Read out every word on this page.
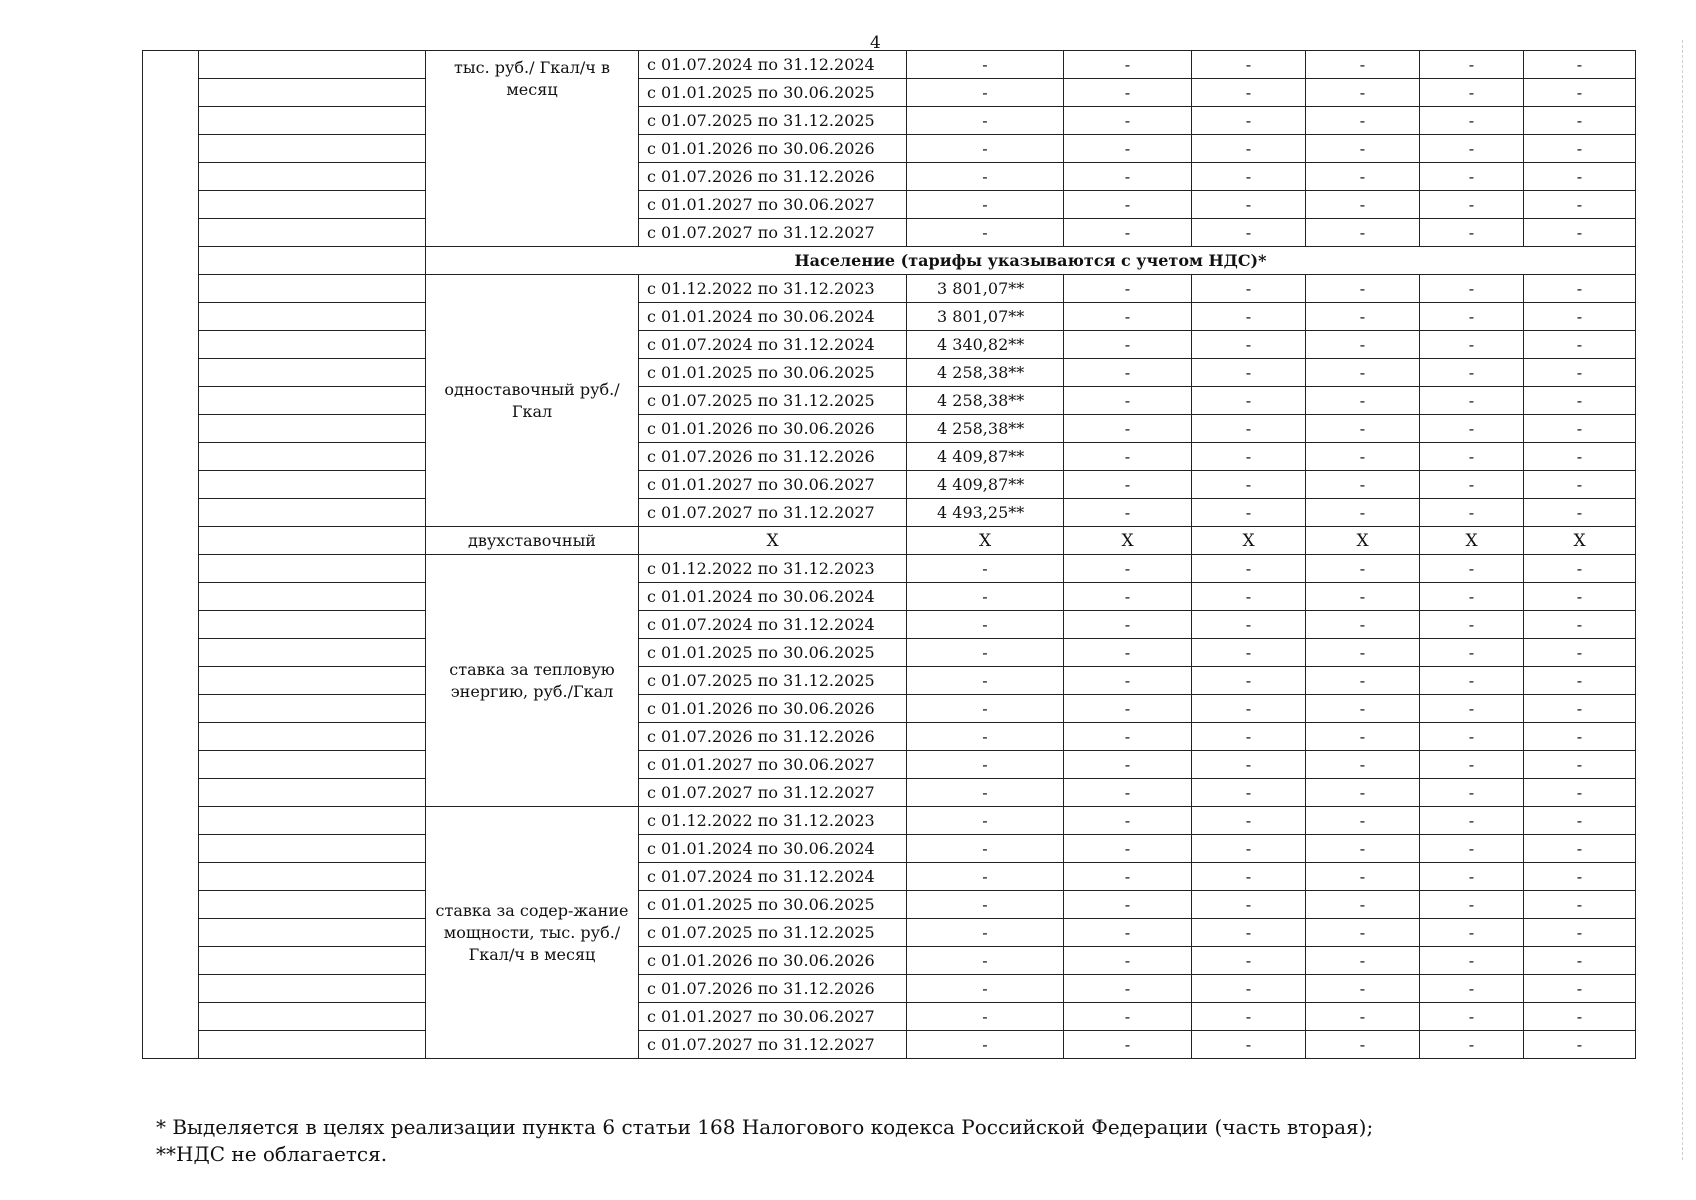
4
		тыс. руб./ Гкал/ч в месяц	с 01.07.2024 по 31.12.2024	-	-	-	-	-	-
			с 01.01.2025 по 30.06.2025	-	-	-	-	-	-
			с 01.07.2025 по 31.12.2025	-	-	-	-	-	-
			с 01.01.2026 по 30.06.2026	-	-	-	-	-	-
			с 01.07.2026 по 31.12.2026	-	-	-	-	-	-
			с 01.01.2027 по 30.06.2027	-	-	-	-	-	-
			с 01.07.2027 по 31.12.2027	-	-	-	-	-	-
		Население (тарифы указываются с учетом НДС)*							
		одноставочный руб./Гкал	с 01.12.2022 по 31.12.2023	3 801,07**	-	-	-	-	-
			с 01.01.2024 по 30.06.2024	3 801,07**	-	-	-	-	-
			с 01.07.2024 по 31.12.2024	4 340,82**	-	-	-	-	-
			с 01.01.2025 по 30.06.2025	4 258,38**	-	-	-	-	-
			с 01.07.2025 по 31.12.2025	4 258,38**	-	-	-	-	-
			с 01.01.2026 по 30.06.2026	4 258,38**	-	-	-	-	-
			с 01.07.2026 по 31.12.2026	4 409,87**	-	-	-	-	-
			с 01.01.2027 по 30.06.2027	4 409,87**	-	-	-	-	-
			с 01.07.2027 по 31.12.2027	4 493,25**	-	-	-	-	-
		двухставочный	X	X	X	X	X	X	X
		ставка за тепловую энергию, руб./Гкал	с 01.12.2022 по 31.12.2023	-	-	-	-	-	-
			с 01.01.2024 по 30.06.2024	-	-	-	-	-	-
			с 01.07.2024 по 31.12.2024	-	-	-	-	-	-
			с 01.01.2025 по 30.06.2025	-	-	-	-	-	-
			с 01.07.2025 по 31.12.2025	-	-	-	-	-	-
			с 01.01.2026 по 30.06.2026	-	-	-	-	-	-
			с 01.07.2026 по 31.12.2026	-	-	-	-	-	-
			с 01.01.2027 по 30.06.2027	-	-	-	-	-	-
			с 01.07.2027 по 31.12.2027	-	-	-	-	-	-
		ставка за содер-жание мощности, тыс. руб./ Гкал/ч в месяц	с 01.12.2022 по 31.12.2023	-	-	-	-	-	-
			с 01.01.2024 по 30.06.2024	-	-	-	-	-	-
			с 01.07.2024 по 31.12.2024	-	-	-	-	-	-
			с 01.01.2025 по 30.06.2025	-	-	-	-	-	-
			с 01.07.2025 по 31.12.2025	-	-	-	-	-	-
			с 01.01.2026 по 30.06.2026	-	-	-	-	-	-
			с 01.07.2026 по 31.12.2026	-	-	-	-	-	-
			с 01.01.2027 по 30.06.2027	-	-	-	-	-	-
			с 01.07.2027 по 31.12.2027	-	-	-	-	-	-
* Выделяется в целях реализации пункта 6 статьи 168 Налогового кодекса Российской Федерации (часть вторая);
**НДС не облагается.
